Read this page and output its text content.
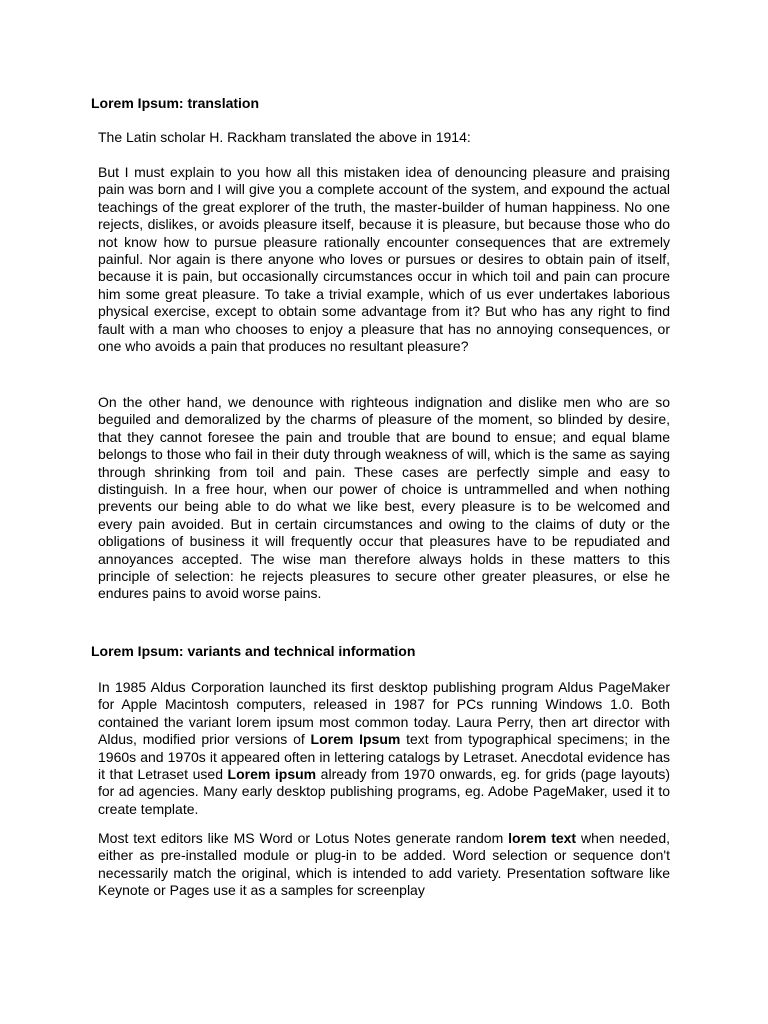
Lorem Ipsum: translation

The Latin scholar H. Rackham translated the above in 1914:

But I must explain to you how all this mistaken idea of denouncing pleasure and praising pain was born and I will give you a complete account of the system, and expound the actual teachings of the great explorer of the truth, the master-builder of human happiness. No one rejects, dislikes, or avoids pleasure itself, because it is pleasure, but because those who do not know how to pursue pleasure rationally encounter consequences that are extremely painful. Nor again is there anyone who loves or pursues or desires to obtain pain of itself, because it is pain, but occasionally circumstances occur in which toil and pain can procure him some great pleasure. To take a trivial example, which of us ever undertakes laborious physical exercise, except to obtain some advantage from it? But who has any right to find fault with a man who chooses to enjoy a pleasure that has no annoying consequences, or one who avoids a pain that produces no resultant pleasure?

On the other hand, we denounce with righteous indignation and dislike men who are so beguiled and demoralized by the charms of pleasure of the moment, so blinded by desire, that they cannot foresee the pain and trouble that are bound to ensue; and equal blame belongs to those who fail in their duty through weakness of will, which is the same as saying through shrinking from toil and pain. These cases are perfectly simple and easy to distinguish. In a free hour, when our power of choice is untrammelled and when nothing prevents our being able to do what we like best, every pleasure is to be welcomed and every pain avoided. But in certain circumstances and owing to the claims of duty or the obligations of business it will frequently occur that pleasures have to be repudiated and annoyances accepted. The wise man therefore always holds in these matters to this principle of selection: he rejects pleasures to secure other greater pleasures, or else he endures pains to avoid worse pains.

Lorem Ipsum: variants and technical information

In 1985 Aldus Corporation launched its first desktop publishing program Aldus PageMaker for Apple Macintosh computers, released in 1987 for PCs running Windows 1.0. Both contained the variant lorem ipsum most common today. Laura Perry, then art director with Aldus, modified prior versions of Lorem Ipsum text from typographical specimens; in the 1960s and 1970s it appeared often in lettering catalogs by Letraset. Anecdotal evidence has it that Letraset used Lorem ipsum already from 1970 onwards, eg. for grids (page layouts) for ad agencies. Many early desktop publishing programs, eg. Adobe PageMaker, used it to create template.

Most text editors like MS Word or Lotus Notes generate random lorem text when needed, either as pre-installed module or plug-in to be added. Word selection or sequence don't necessarily match the original, which is intended to add variety. Presentation software like Keynote or Pages use it as a samples for screenplay
